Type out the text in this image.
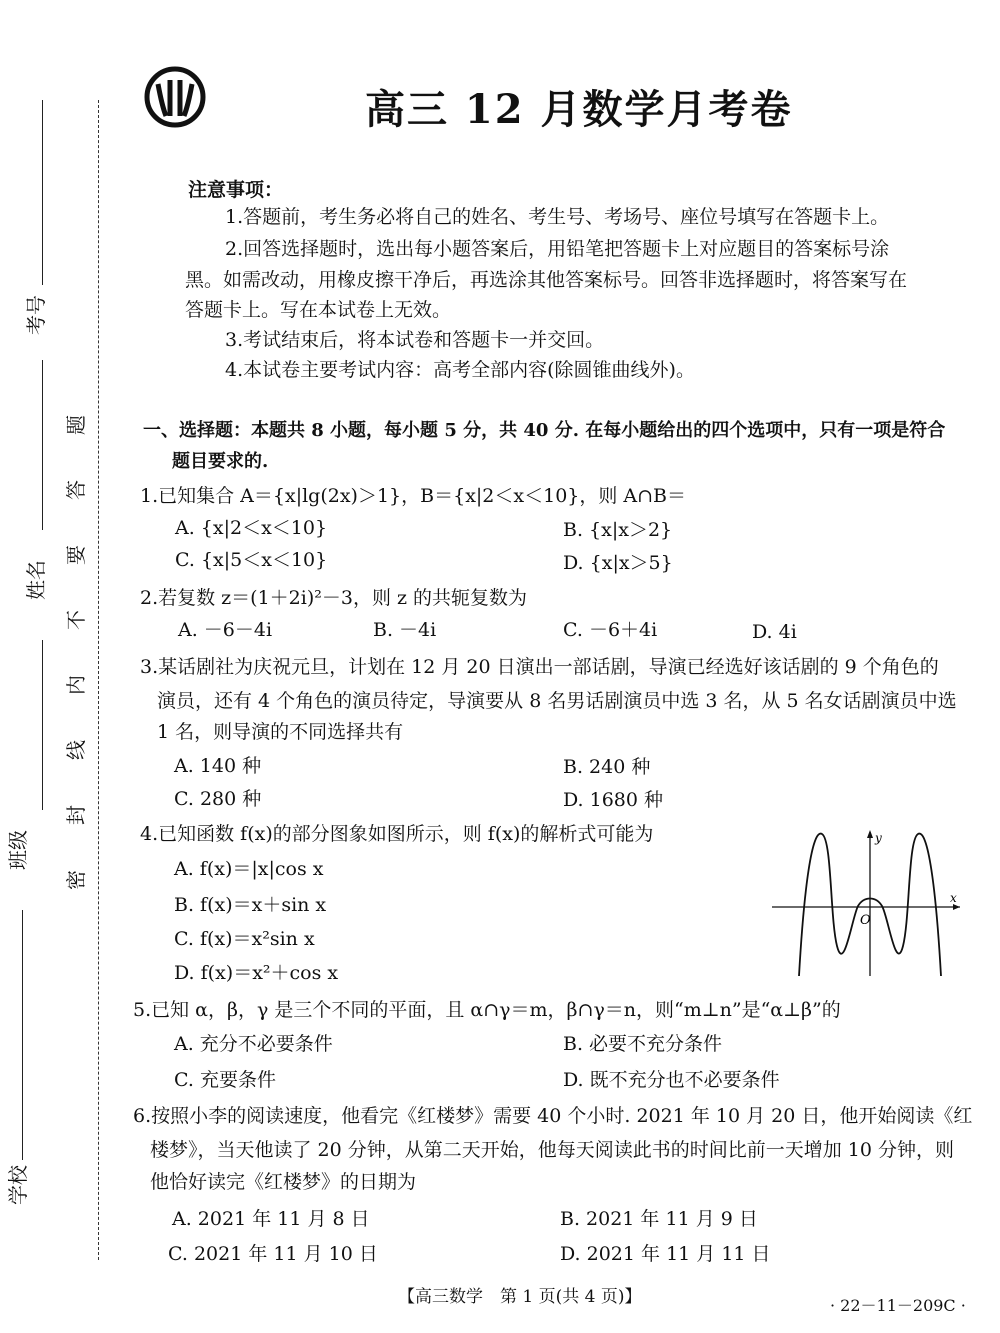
考号
姓名
班级
学校
题
答
要
不
内
线
封
密
高三 12 月数学月考卷
注意事项：
1.答题前，考生务必将自己的姓名、考生号、考场号、座位号填写在答题卡上。
2.回答选择题时，选出每小题答案后，用铅笔把答题卡上对应题目的答案标号涂
黑。如需改动，用橡皮擦干净后，再选涂其他答案标号。回答非选择题时，将答案写在
答题卡上。写在本试卷上无效。
3.考试结束后，将本试卷和答题卡一并交回。
4.本试卷主要考试内容：高考全部内容(除圆锥曲线外)。
一、选择题：本题共 8 小题，每小题 5 分，共 40 分. 在每小题给出的四个选项中，只有一项是符合
题目要求的.
1.已知集合 A＝{x|lg(2x)＞1}，B＝{x|2＜x＜10}，则 A∩B＝
A. {x|2＜x＜10}	B. {x|x＞2}
C. {x|5＜x＜10}	D. {x|x＞5}
2.若复数 z＝(1＋2i)²－3，则 z 的共轭复数为
A. －6－4i	B. －4i	C. －6＋4i	D. 4i
3.某话剧社为庆祝元旦，计划在 12 月 20 日演出一部话剧，导演已经选好该话剧的 9 个角色的
演员，还有 4 个角色的演员待定，导演要从 8 名男话剧演员中选 3 名，从 5 名女话剧演员中选
1 名，则导演的不同选择共有
A. 140 种	B. 240 种
C. 280 种	D. 1680 种
4.已知函数 f(x)的部分图象如图所示，则 f(x)的解析式可能为
A. f(x)＝|x|cos x
B. f(x)＝x＋sin x
C. f(x)＝x²sin x
D. f(x)＝x²＋cos x
y
x
O
5.已知 α，β，γ 是三个不同的平面，且 α∩γ＝m，β∩γ＝n，则“m⊥n”是“α⊥β”的
A. 充分不必要条件	B. 必要不充分条件
C. 充要条件	D. 既不充分也不必要条件
6.按照小李的阅读速度，他看完《红楼梦》需要 40 个小时. 2021 年 10 月 20 日，他开始阅读《红
楼梦》，当天他读了 20 分钟，从第二天开始，他每天阅读此书的时间比前一天增加 10 分钟，则
他恰好读完《红楼梦》的日期为
A. 2021 年 11 月 8 日	B. 2021 年 11 月 9 日
C. 2021 年 11 月 10 日	D. 2021 年 11 月 11 日
【高三数学　第 1 页(共 4 页)】	· 22－11－209C ·
